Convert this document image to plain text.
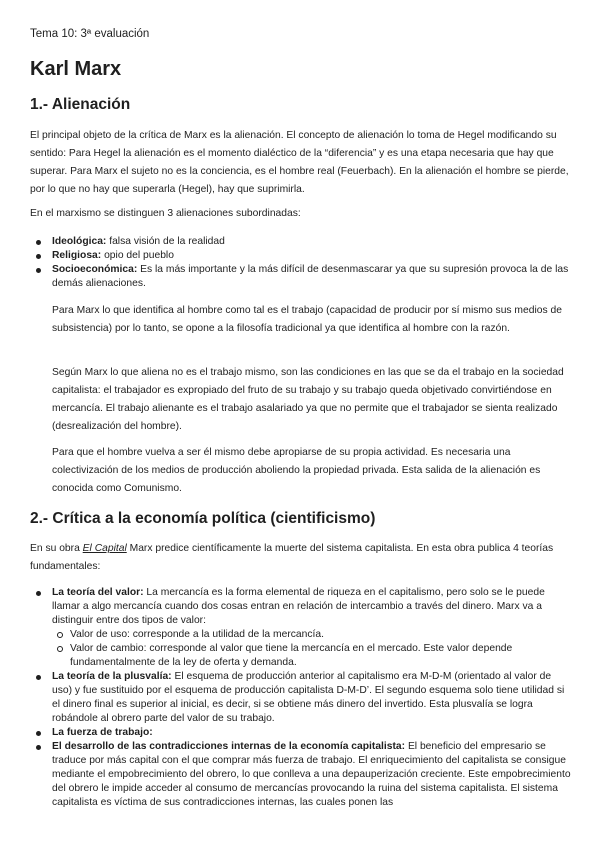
Tema 10: 3ª evaluación
Karl Marx
1.- Alienación

El principal objeto de la crítica de Marx es la alienación. El concepto de alienación lo toma de Hegel modificando su sentido: Para Hegel la alienación es el momento dialéctico de la “diferencia” y es una etapa necesaria que hay que superar. Para Marx el sujeto no es la conciencia, es el hombre real (Feuerbach). En la alienación el hombre se pierde, por lo que no hay que superarla (Hegel), hay que suprimirla.

En el marxismo se distinguen 3 alienaciones subordinadas:

Ideológica: falsa visión de la realidad
Religiosa: opio del pueblo
Socioeconómica: Es la más importante y la más difícil de desenmascarar ya que su supresión provoca la de las demás alienaciones.

Para Marx lo que identifica al hombre como tal es el trabajo (capacidad de producir por sí mismo sus medios de subsistencia) por lo tanto, se opone a la filosofía tradicional ya que identifica al hombre con la razón.

Según Marx lo que aliena no es el trabajo mismo, son las condiciones en las que se da el trabajo en la sociedad capitalista: el trabajador es expropiado del fruto de su trabajo y su trabajo queda objetivado convirtiéndose en mercancía. El trabajo alienante es el trabajo asalariado ya que no permite que el trabajador se sienta realizado (desrealización del hombre).

Para que el hombre vuelva a ser él mismo debe apropiarse de su propia actividad. Es necesaria una colectivización de los medios de producción aboliendo la propiedad privada. Esta salida de la alienación es conocida como Comunismo.

2.- Crítica a la economía política (cientificismo)

En su obra El Capital Marx predice científicamente la muerte del sistema capitalista. En esta obra publica 4 teorías fundamentales:

La teoría del valor: La mercancía es la forma elemental de riqueza en el capitalismo, pero solo se le puede llamar a algo mercancía cuando dos cosas entran en relación de intercambio a través del dinero. Marx va a distinguir entre dos tipos de valor:
Valor de uso: corresponde a la utilidad de la mercancía.
Valor de cambio: corresponde al valor que tiene la mercancía en el mercado. Este valor depende fundamentalmente de la ley de oferta y demanda.
La teoría de la plusvalía: El esquema de producción anterior al capitalismo era M-D-M (orientado al valor de uso) y fue sustituido por el esquema de producción capitalista D-M-D’. El segundo esquema solo tiene utilidad si el dinero final es superior al inicial, es decir, si se obtiene más dinero del invertido. Esta plusvalía se logra robándole al obrero parte del valor de su trabajo.
La fuerza de trabajo:
El desarrollo de las contradicciones internas de la economía capitalista: El beneficio del empresario se traduce por más capital con el que comprar más fuerza de trabajo. El enriquecimiento del capitalista se consigue mediante el empobrecimiento del obrero, lo que conlleva a una depauperización creciente. Este empobrecimiento del obrero le impide acceder al consumo de mercancías provocando la ruina del sistema capitalista. El sistema capitalista es víctima de sus contradicciones internas, las cuales ponen las
